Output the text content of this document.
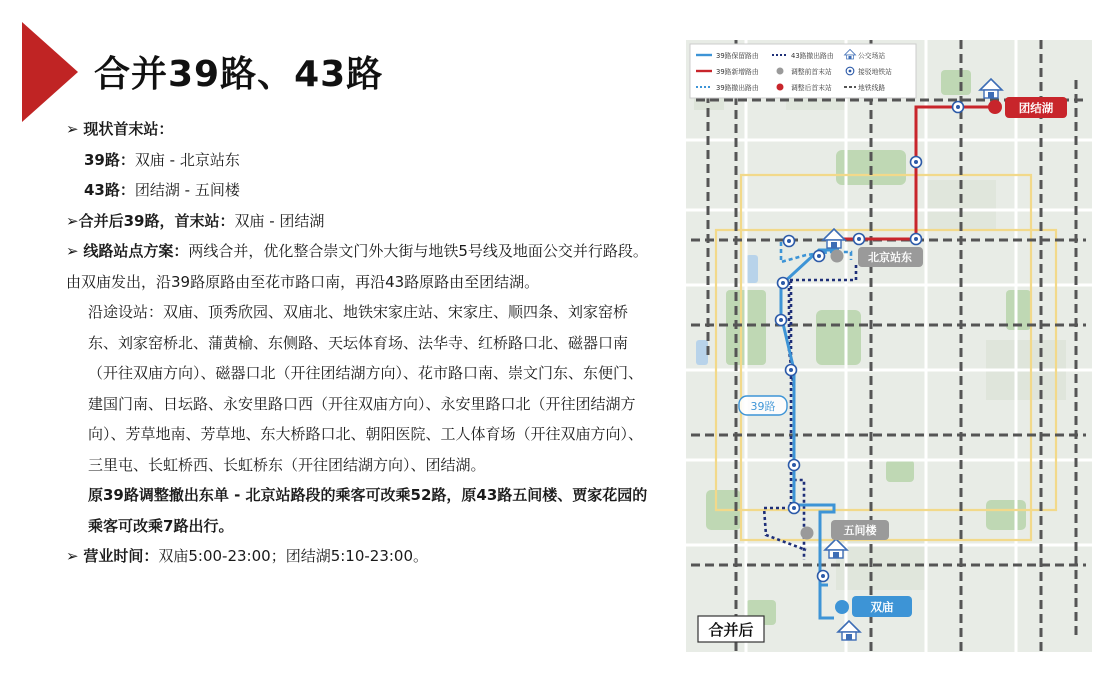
合并39路、43路

➢ 现状首末站：

39路：双庙 - 北京站东

43路：团结湖 - 五间楼

➢合并后39路，首末站：双庙 - 团结湖

➢ 线路站点方案：两线合并，优化整合崇文门外大街与地铁5号线及地面公交并行路段。由双庙发出，沿39路原路由至花市路口南，再沿43路原路由至团结湖。

沿途设站：双庙、顶秀欣园、双庙北、地铁宋家庄站、宋家庄、顺四条、刘家窑桥东、刘家窑桥北、蒲黄榆、东侧路、天坛体育场、法华寺、红桥路口北、磁器口南（开往双庙方向）、磁器口北（开往团结湖方向）、花市路口南、崇文门东、东便门、建国门南、日坛路、永安里路口西（开往双庙方向）、永安里路口北（开往团结湖方向）、芳草地南、芳草地、东大桥路口北、朝阳医院、工人体育场（开往双庙方向）、三里屯、长虹桥西、长虹桥东（开往团结湖方向）、团结湖。

原39路调整撤出东单 - 北京站路段的乘客可改乘52路，原43路五间楼、贾家花园的乘客可改乘7路出行。

➢ 营业时间：双庙5:00-23:00；团结湖5:10-23:00。

团结湖
北京站东
五间楼
双庙
39路
39路保留路由
39路新增路由
39路撤出路由
43路撤出路由
调整前首末站
调整后首末站
公交场站
接驳地铁站
地铁线路
合并后
